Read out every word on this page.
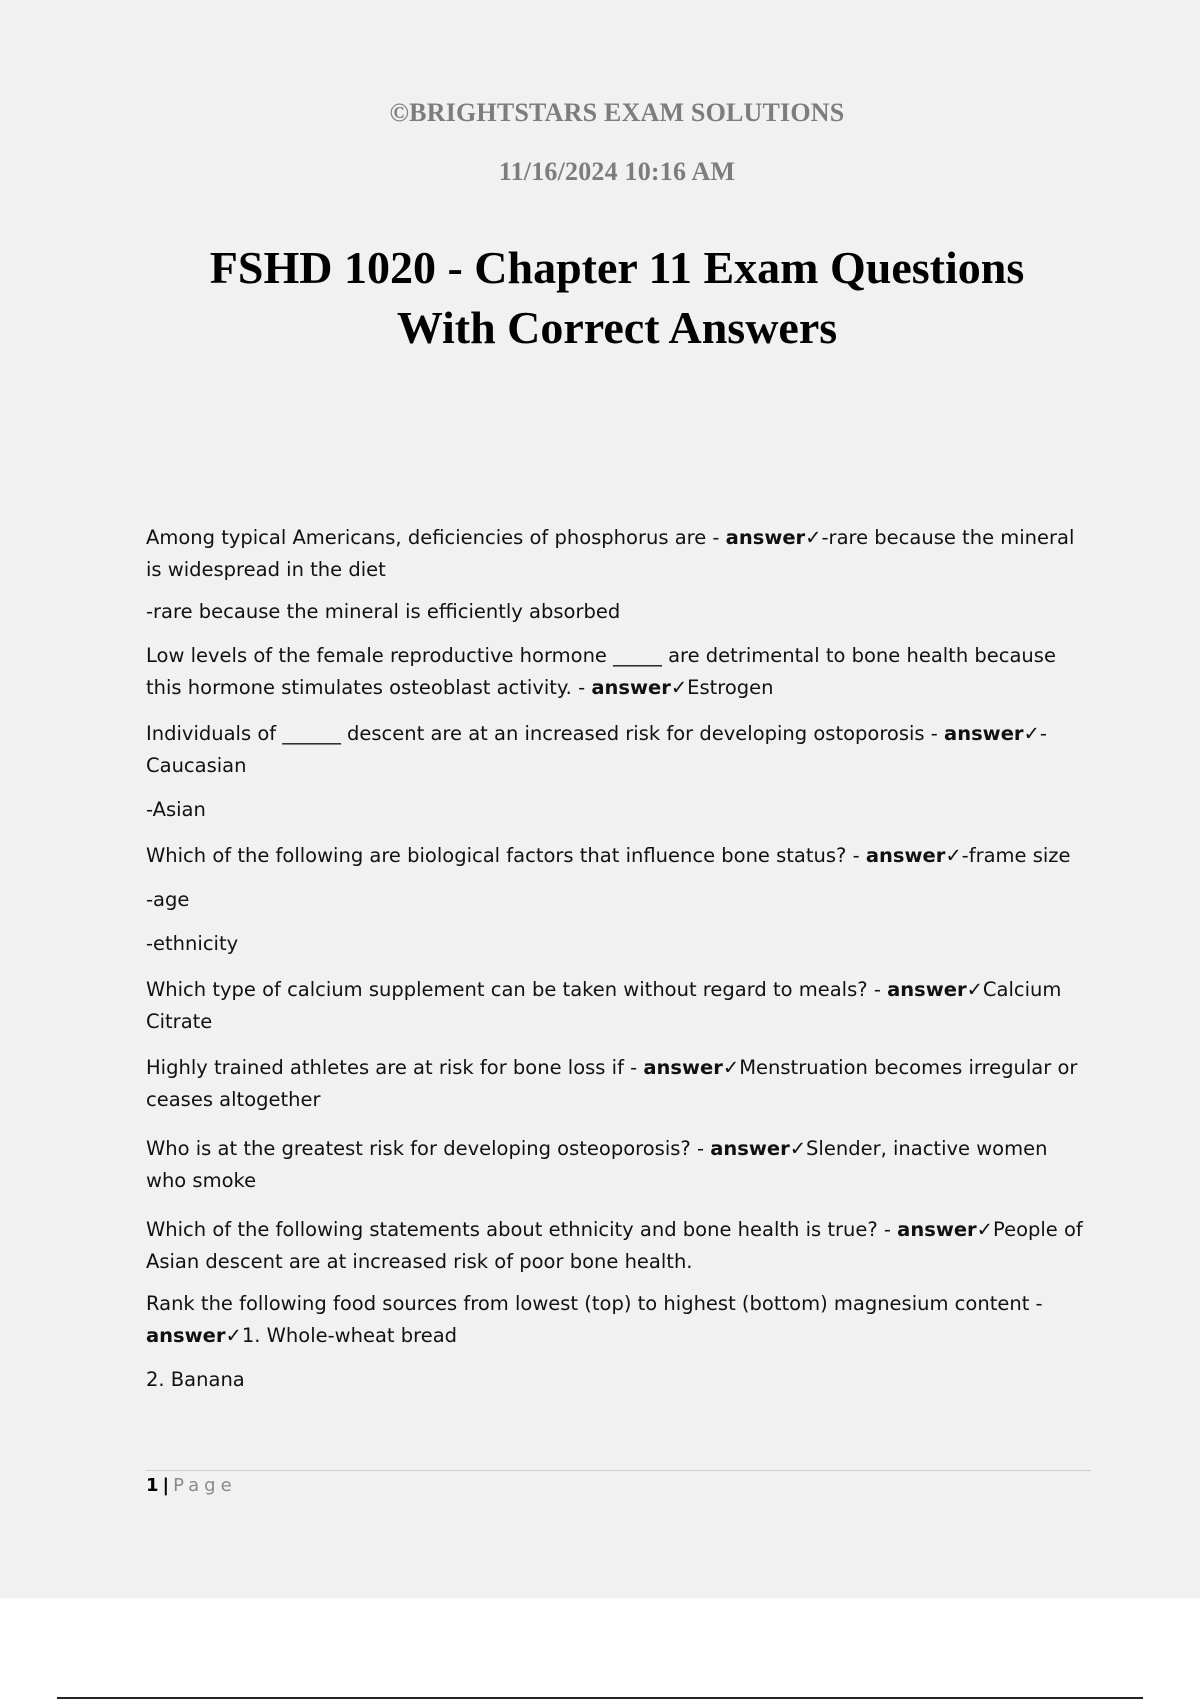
©BRIGHTSTARS EXAM SOLUTIONS
11/16/2024 10:16 AM
FSHD 1020 - Chapter 11 Exam Questions
With Correct Answers

Among typical Americans, deficiencies of phosphorus are - answer✓-rare because the mineral is widespread in the diet

-rare because the mineral is efficiently absorbed

Low levels of the female reproductive hormone _____ are detrimental to bone health because this hormone stimulates osteoblast activity. - answer✓Estrogen

Individuals of ______ descent are at an increased risk for developing ostoporosis - answer✓-Caucasian

-Asian

Which of the following are biological factors that influence bone status? - answer✓-frame size

-age

-ethnicity

Which type of calcium supplement can be taken without regard to meals? - answer✓Calcium Citrate

Highly trained athletes are at risk for bone loss if - answer✓Menstruation becomes irregular or ceases altogether

Who is at the greatest risk for developing osteoporosis? - answer✓Slender, inactive women who smoke

Which of the following statements about ethnicity and bone health is true? - answer✓People of Asian descent are at increased risk of poor bone health.

Rank the following food sources from lowest (top) to highest (bottom) magnesium content - answer✓1. Whole-wheat bread

2. Banana

1 | Page
